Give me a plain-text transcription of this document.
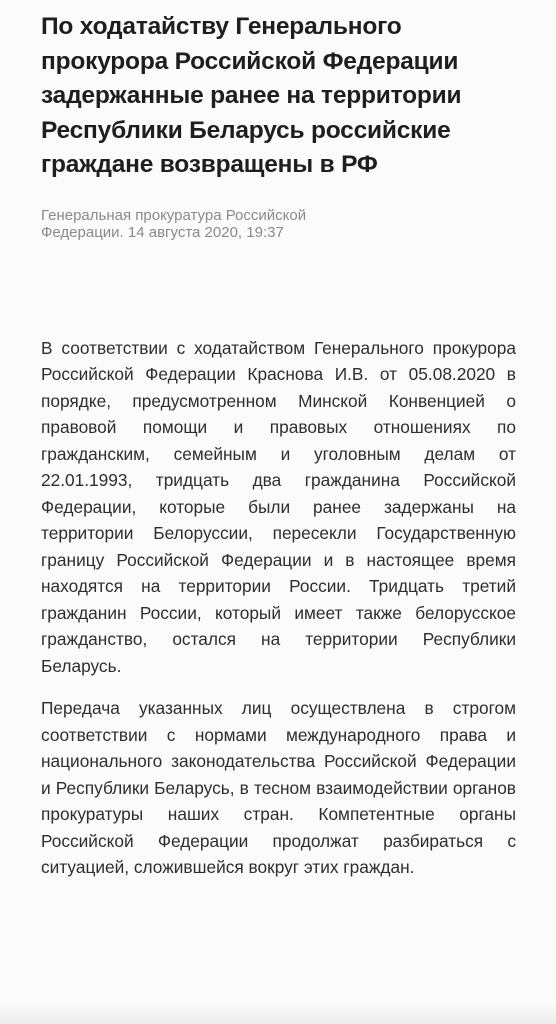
По ходатайству Генерального прокурора Российской Федерации задержанные ранее на территории Республики Беларусь российские граждане возвращены в РФ
Генеральная прокуратура Российской Федерации. 14 августа 2020, 19:37

В соответствии с ходатайством Генерального прокурора Российской Федерации Краснова И.В. от 05.08.2020 в порядке, предусмотренном Минской Конвенцией о правовой помощи и правовых отношениях по гражданским, семейным и уголовным делам от 22.01.1993, тридцать два гражданина Российской Федерации, которые были ранее задержаны на территории Белоруссии, пересекли Государственную границу Российской Федерации и в настоящее время находятся на территории России. Тридцать третий гражданин России, который имеет также белорусское гражданство, остался на территории Республики Беларусь.

Передача указанных лиц осуществлена в строгом соответствии с нормами международного права и национального законодательства Российской Федерации и Республики Беларусь, в тесном взаимодействии органов прокуратуры наших стран. Компетентные органы Российской Федерации продолжат разбираться с ситуацией, сложившейся вокруг этих граждан.
